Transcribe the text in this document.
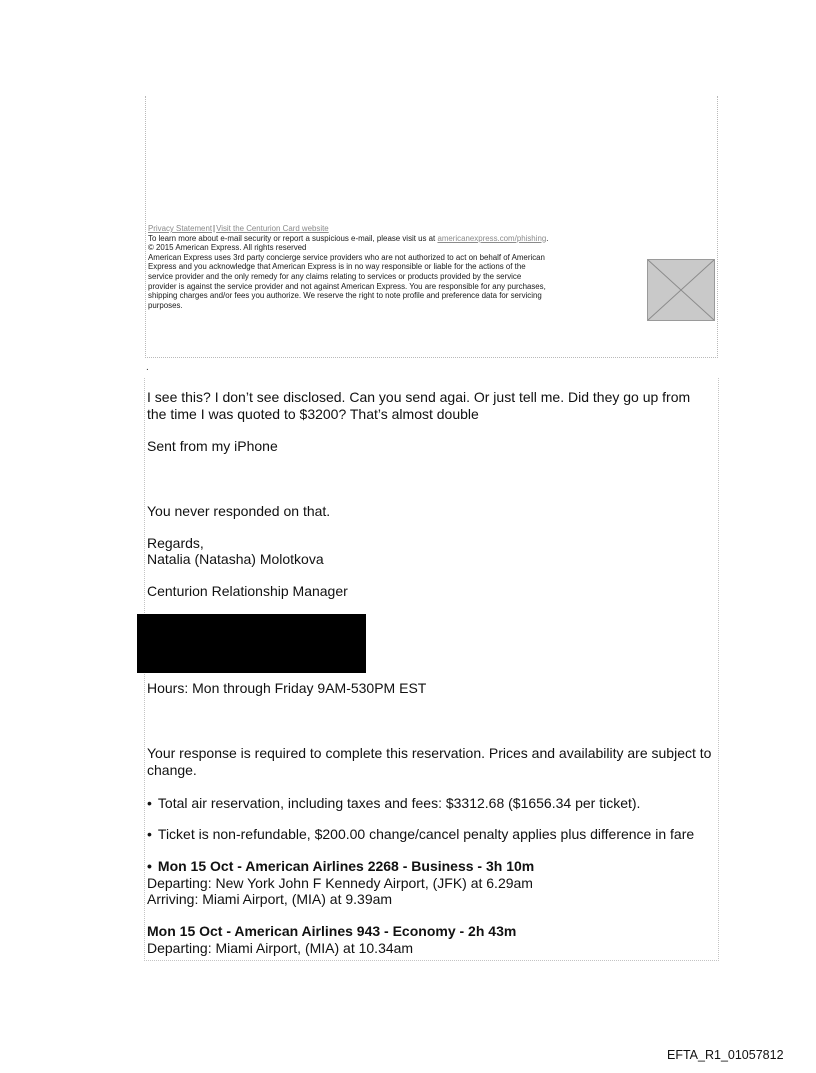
Privacy Statement|Visit the Centurion Card website

To learn more about e-mail security or report a suspicious e-mail, please visit us at americanexpress.com/phishing.

© 2015 American Express. All rights reserved

American Express uses 3rd party concierge service providers who are not authorized to act on behalf of American

Express and you acknowledge that American Express is in no way responsible or liable for the actions of the

service provider and the only remedy for any claims relating to services or products provided by the service

provider is against the service provider and not against American Express. You are responsible for any purchases,

shipping charges and/or fees you authorize. We reserve the right to note profile and preference data for servicing

purposes.

.

I see this? I don’t see disclosed. Can you send agai. Or just tell me. Did they go up from

the time I was quoted to $3200? That’s almost double

Sent from my iPhone

You never responded on that.

Regards,

Natalia (Natasha) Molotkova

Centurion Relationship Manager

Hours: Mon through Friday 9AM-530PM EST

Your response is required to complete this reservation. Prices and availability are subject to

change.

• Total air reservation, including taxes and fees: $3312.68 ($1656.34 per ticket).

• Ticket is non-refundable, $200.00 change/cancel penalty applies plus difference in fare

• Mon 15 Oct - American Airlines 2268 - Business - 3h 10m

Departing: New York John F Kennedy Airport, (JFK) at 6.29am

Arriving: Miami Airport, (MIA) at 9.39am

Mon 15 Oct - American Airlines 943 - Economy - 2h 43m

Departing: Miami Airport, (MIA) at 10.34am

EFTA_R1_01057812
